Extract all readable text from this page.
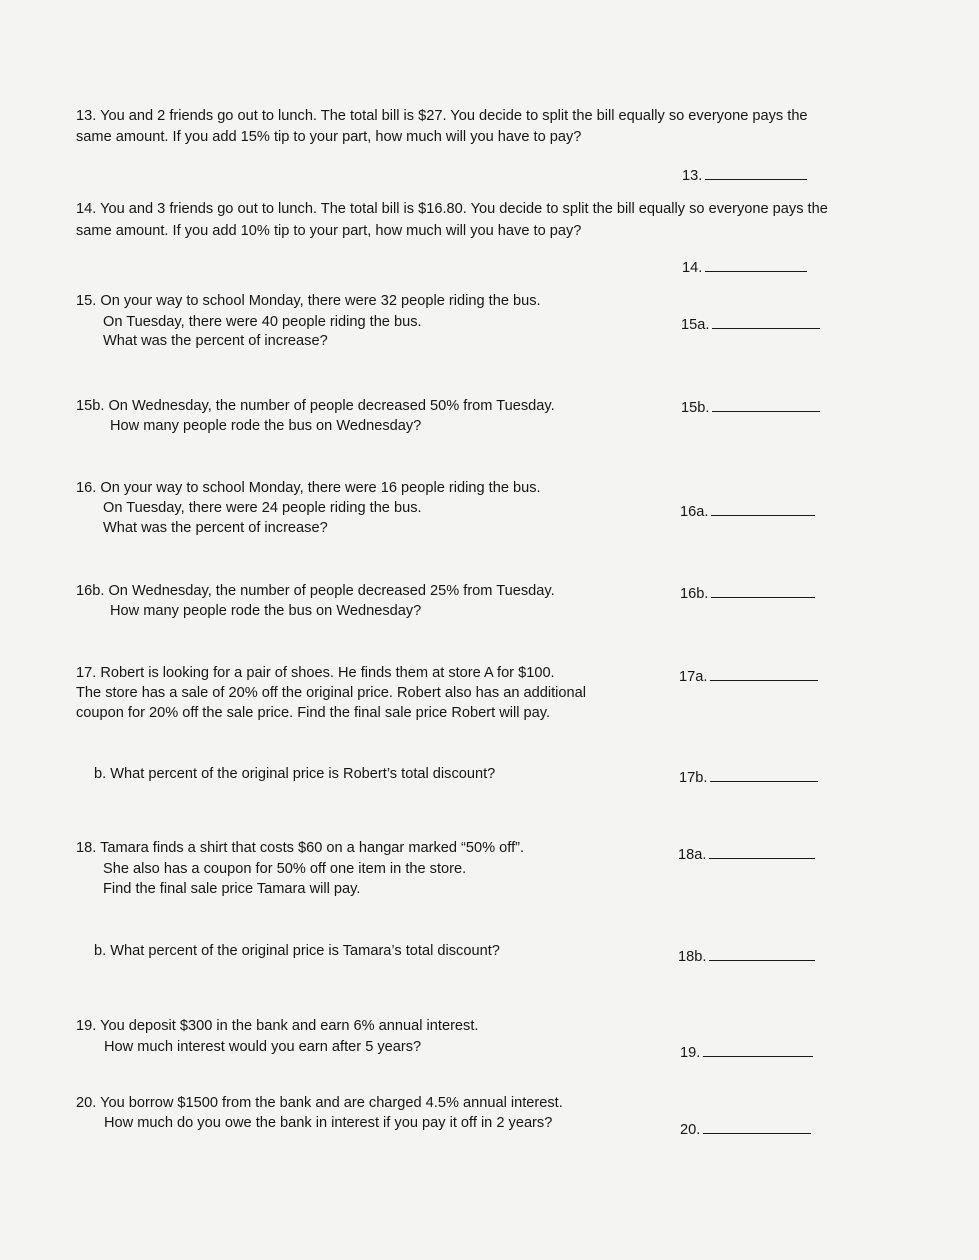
13. You and 2 friends go out to lunch. The total bill is $27. You decide to split the bill equally so everyone pays the
same amount. If you add 15% tip to your part, how much will you have to pay?
13.
14. You and 3 friends go out to lunch. The total bill is $16.80. You decide to split the bill equally so everyone pays the
same amount. If you add 10% tip to your part, how much will you have to pay?
14.
15. On your way to school Monday, there were 32 people riding the bus.
On Tuesday, there were 40 people riding the bus.
What was the percent of increase?
15a.
15b. On Wednesday, the number of people decreased 50% from Tuesday.
How many people rode the bus on Wednesday?
15b.
16. On your way to school Monday, there were 16 people riding the bus.
On Tuesday, there were 24 people riding the bus.
What was the percent of increase?
16a.
16b. On Wednesday, the number of people decreased 25% from Tuesday.
How many people rode the bus on Wednesday?
16b.
17. Robert is looking for a pair of shoes. He finds them at store A for $100.
The store has a sale of 20% off the original price. Robert also has an additional
coupon for 20% off the sale price. Find the final sale price Robert will pay.
17a.
b. What percent of the original price is Robert’s total discount?	17b.
18. Tamara finds a shirt that costs $60 on a hangar marked “50% off”.
She also has a coupon for 50% off one item in the store.
Find the final sale price Tamara will pay.
18a.
b. What percent of the original price is Tamara’s total discount?	18b.
19. You deposit $300 in the bank and earn 6% annual interest.
How much interest would you earn after 5 years?	19.
20. You borrow $1500 from the bank and are charged 4.5% annual interest.
How much do you owe the bank in interest if you pay it off in 2 years?	20.
